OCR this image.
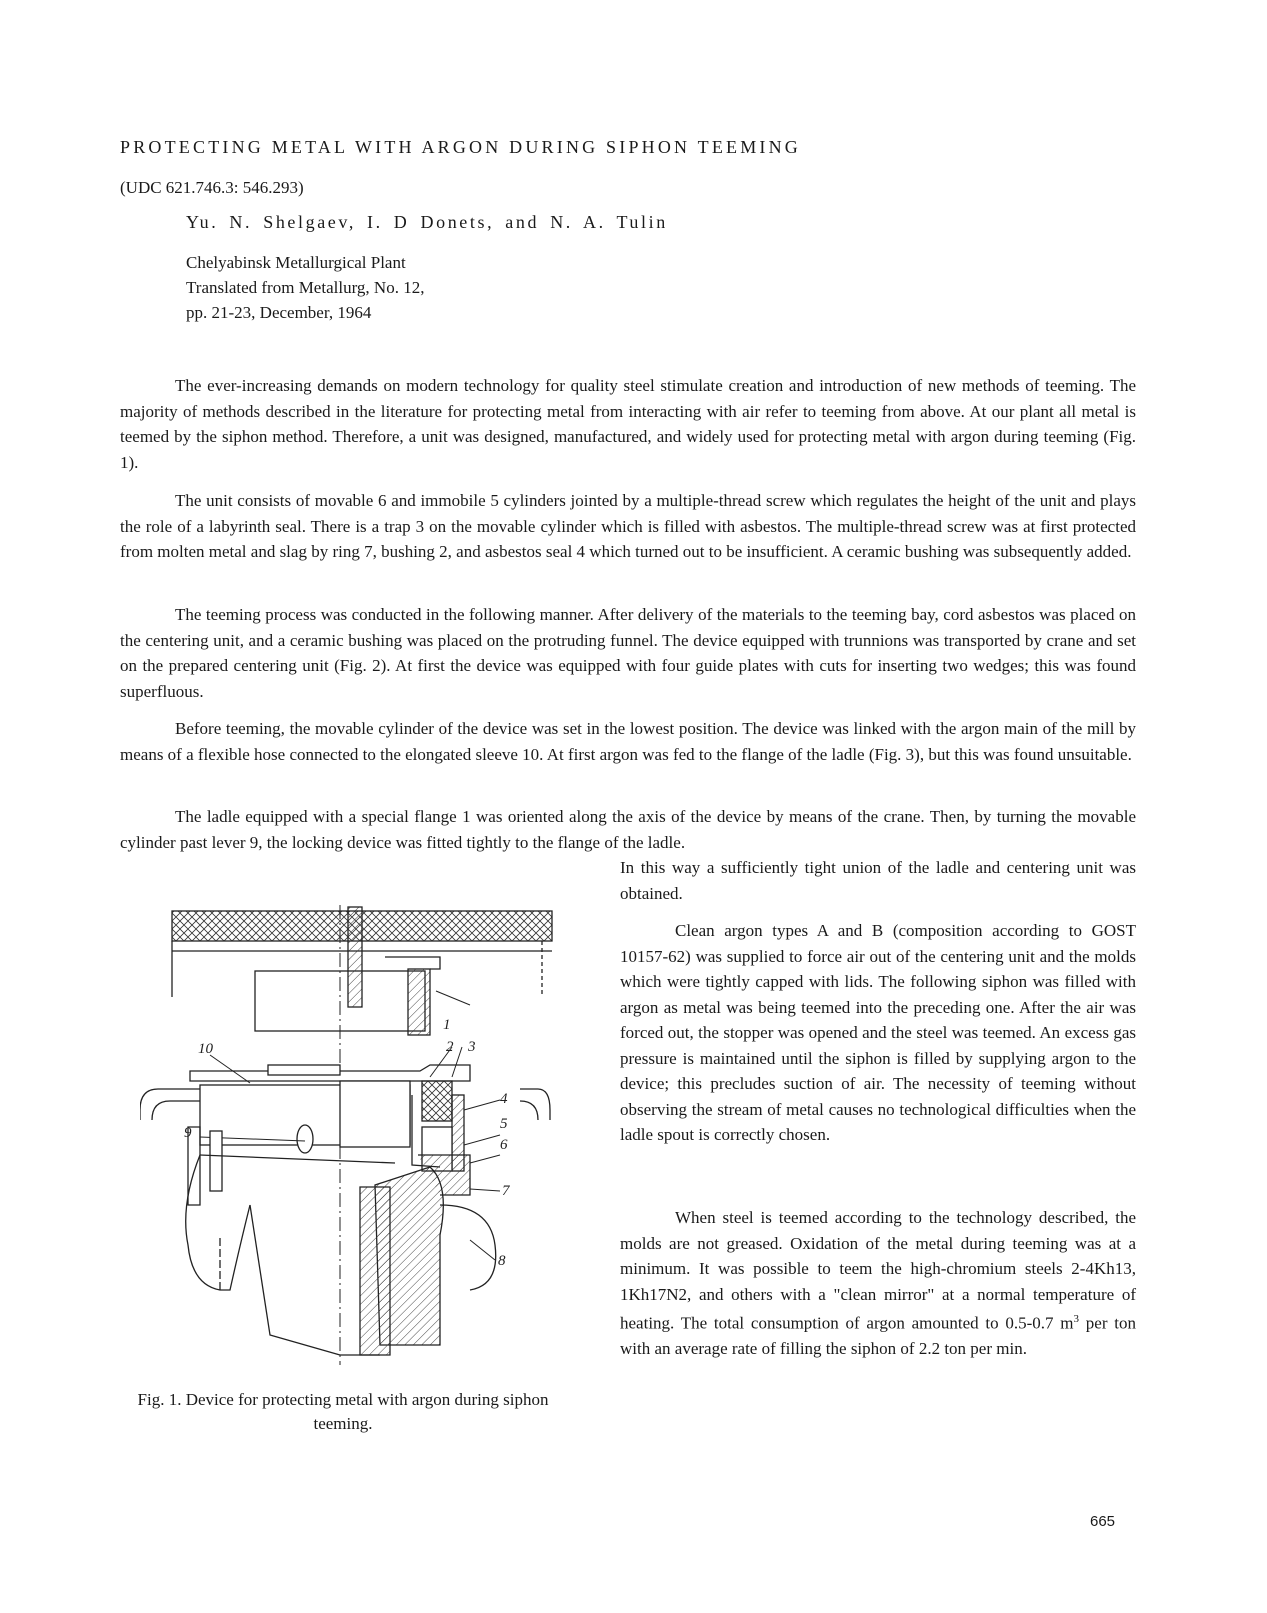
PROTECTING METAL WITH ARGON DURING SIPHON TEEMING
(UDC 621.746.3: 546.293)
Yu. N. Shelgaev, I. D Donets, and N. A. Tulin
Chelyabinsk Metallurgical Plant
Translated from Metallurg, No. 12,
pp. 21-23, December, 1964

The ever-increasing demands on modern technology for quality steel stimulate creation and introduction of new methods of teeming. The majority of methods described in the literature for protecting metal from interacting with air refer to teeming from above. At our plant all metal is teemed by the siphon method. Therefore, a unit was designed, manufactured, and widely used for protecting metal with argon during teeming (Fig. 1).

The unit consists of movable 6 and immobile 5 cylinders jointed by a multiple-thread screw which regulates the height of the unit and plays the role of a labyrinth seal. There is a trap 3 on the movable cylinder which is filled with asbestos. The multiple-thread screw was at first protected from molten metal and slag by ring 7, bushing 2, and asbestos seal 4 which turned out to be insufficient. A ceramic bushing was subsequently added.

The teeming process was conducted in the following manner. After delivery of the materials to the teeming bay, cord asbestos was placed on the centering unit, and a ceramic bushing was placed on the protruding funnel. The device equipped with trunnions was transported by crane and set on the prepared centering unit (Fig. 2). At first the device was equipped with four guide plates with cuts for inserting two wedges; this was found superfluous.

Before teeming, the movable cylinder of the device was set in the lowest position. The device was linked with the argon main of the mill by means of a flexible hose connected to the elongated sleeve 10. At first argon was fed to the flange of the ladle (Fig. 3), but this was found unsuitable.

The ladle equipped with a special flange 1 was oriented along the axis of the device by means of the crane. Then, by turning the movable cylinder past lever 9, the locking device was fitted tightly to the flange of the ladle.

In this way a sufficiently tight union of the ladle and centering unit was obtained.

Clean argon types A and B (composition according to GOST 10157-62) was supplied to force air out of the centering unit and the molds which were tightly capped with lids. The following siphon was filled with argon as metal was being teemed into the preceding one. After the air was forced out, the stopper was opened and the steel was teemed. An excess gas pressure is maintained until the siphon is filled by supplying argon to the device; this precludes suction of air. The necessity of teeming without observing the stream of metal causes no technological difficulties when the ladle spout is correctly chosen.

When steel is teemed according to the technology described, the molds are not greased. Oxidation of the metal during teeming was at a minimum. It was possible to teem the high-chromium steels 2-4Kh13, 1Kh17N2, and others with a "clean mirror" at a normal temperature of heating. The total consumption of argon amounted to 0.5-0.7 $m^3$ per ton with an average rate of filling the siphon of 2.2 ton per min.

1
2 3
4
5
6
7
8
9
10
Fig. 1. Device for protecting metal with argon during siphon teeming.
665
